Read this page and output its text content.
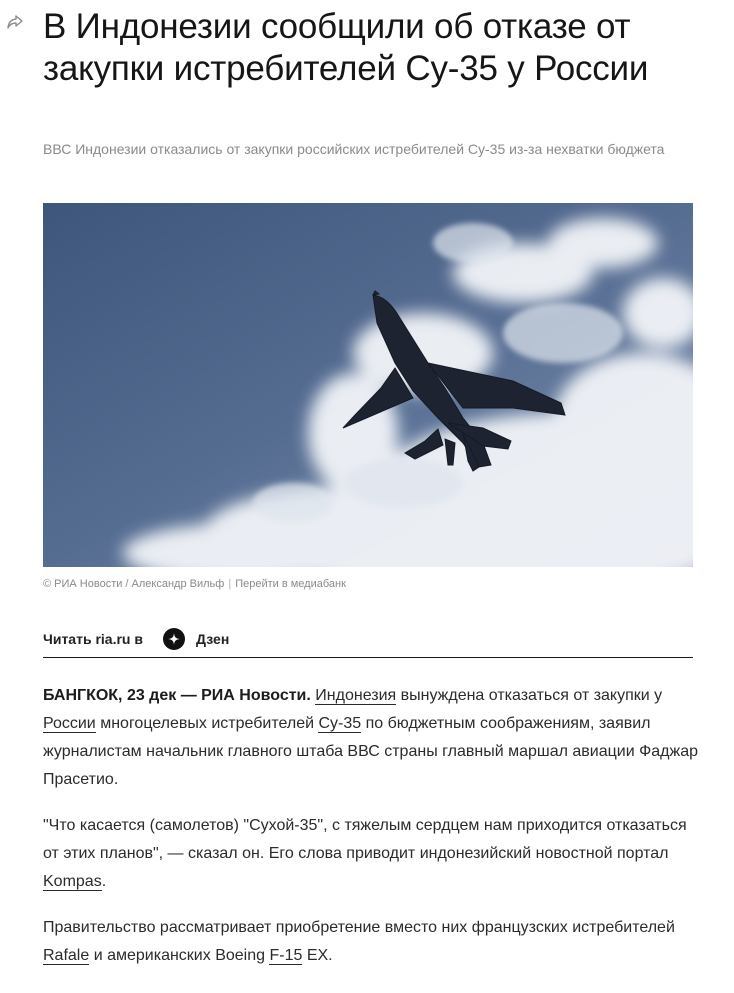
В Индонезии сообщили об отказе от закупки истребителей Су-35 у России
ВВС Индонезии отказались от закупки российских истребителей Су-35 из-за нехватки бюджета
© РИА Новости / Александр Вильф | Перейти в медиабанк
Читать ria.ru в	Дзен

БАНГКОК, 23 дек — РИА Новости. Индонезия вынуждена отказаться от закупки у России многоцелевых истребителей Су-35 по бюджетным соображениям, заявил журналистам начальник главного штаба ВВС страны главный маршал авиации Фаджар Прасетио.

"Что касается (самолетов) "Сухой-35", с тяжелым сердцем нам приходится отказаться от этих планов", — сказал он. Его слова приводит индонезийский новостной портал Kompas.

Правительство рассматривает приобретение вместо них французских истребителей Rafale и американских Boeing F-15 EX.
